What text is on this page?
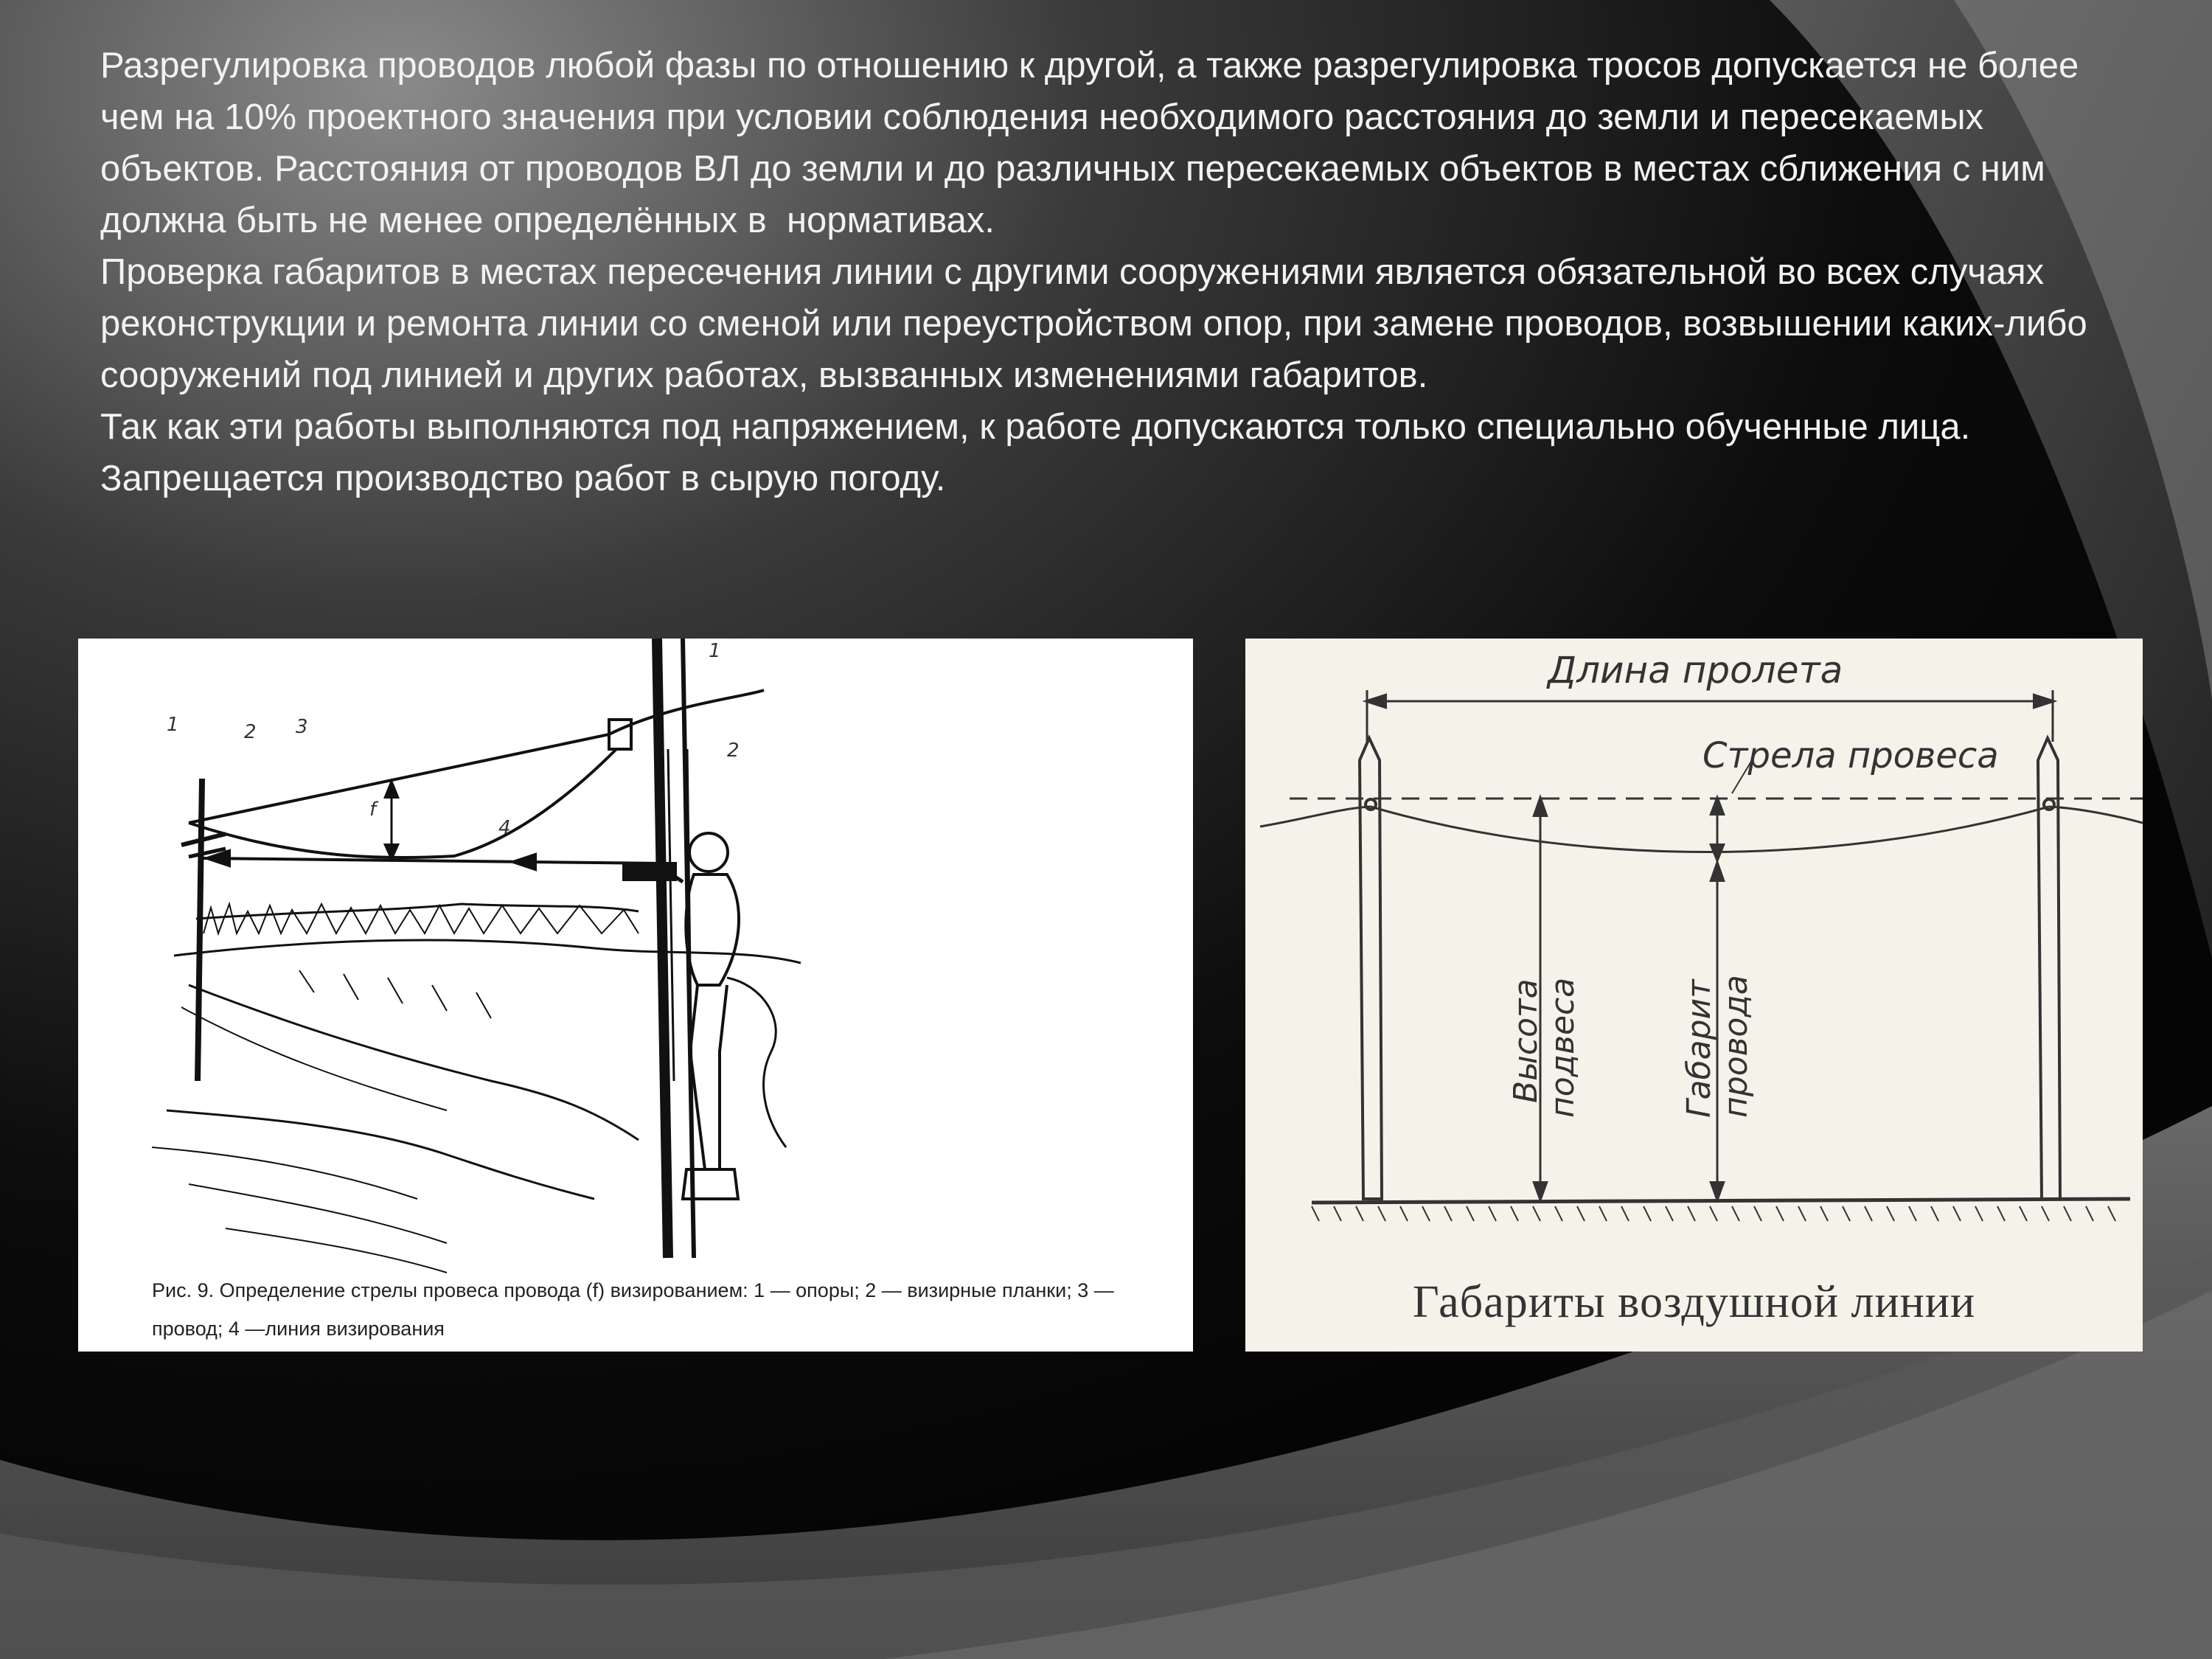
Разрегулировка проводов любой фазы по отношению к другой, а также разрегулировка тросов допускается не более чем на 10% проектного значения при условии соблюдения необходимого расстояния до земли и пересекаемых объектов. Расстояния от проводов ВЛ до земли и до различных пересекаемых объектов в местах сближения с ним должна быть не менее определённых в  нормативах.

Проверка габаритов в местах пересечения линии с другими сооружениями является обязательной во всех случаях реконструкции и ремонта линии со сменой или переустройством опор, при замене проводов, возвышении каких-либо сооружений под линией и других работах, вызванных изменениями габаритов.

Так как эти работы выполняются под напряжением, к работе допускаются только специально обученные лица. Запрещается производство работ в сырую погоду.

1	2 3
4
f
1
2
Рис. 9. Определение стрелы провеса провода (f) визированием: 1 — опоры; 2 — визирные планки; 3 — провод; 4 —линия визирования
Длина пролета
Стрела провеса
Высота подвеса	Габарит провода
Габариты воздушной линии
